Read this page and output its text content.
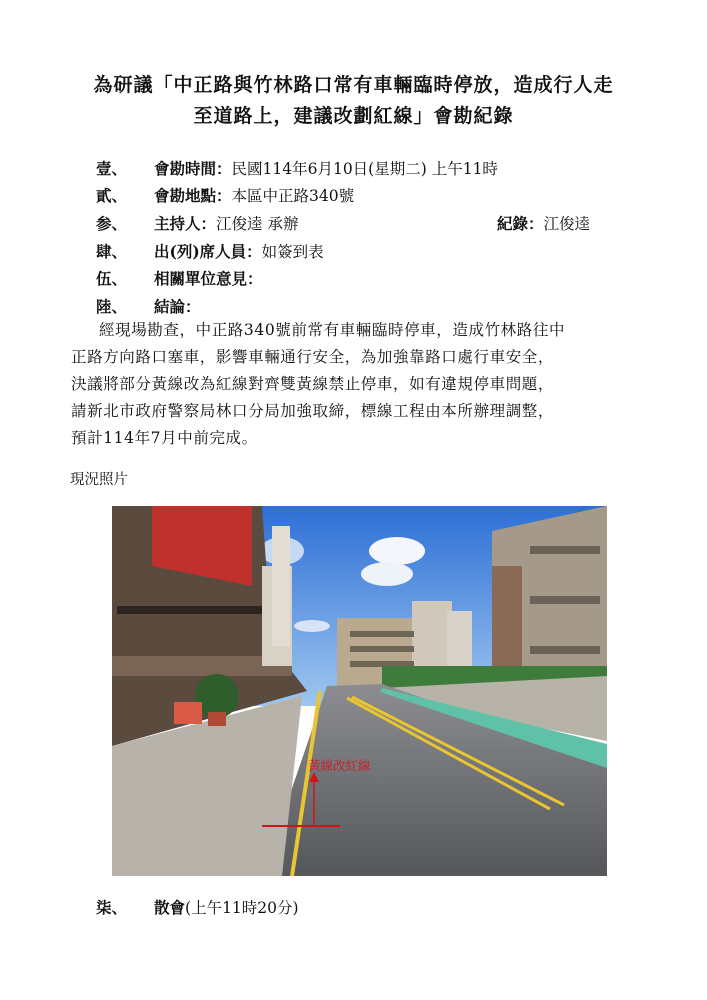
為研議「中正路與竹林路口常有車輛臨時停放，造成行人走
至道路上，建議改劃紅線」會勘紀錄
壹、 會勘時間：民國114年6月10日(星期二) 上午11時
貳、 會勘地點：本區中正路340號
参、 主持人：江俊逵 承辦	紀錄：江俊逵
肆、 出(列)席人員：如簽到表
伍、 相關單位意見：
陸、 結論：

經現場勘查，中正路340號前常有車輛臨時停車，造成竹林路往中

正路方向路口塞車，影響車輛通行安全，為加強靠路口處行車安全，

決議將部分黃線改為紅線對齊雙黃線禁止停車，如有違規停車問題，

請新北市政府警察局林口分局加強取締，標線工程由本所辦理調整，

預計114年7月中前完成。

現況照片
黃線改紅線
柒、 散會(上午11時20分)
